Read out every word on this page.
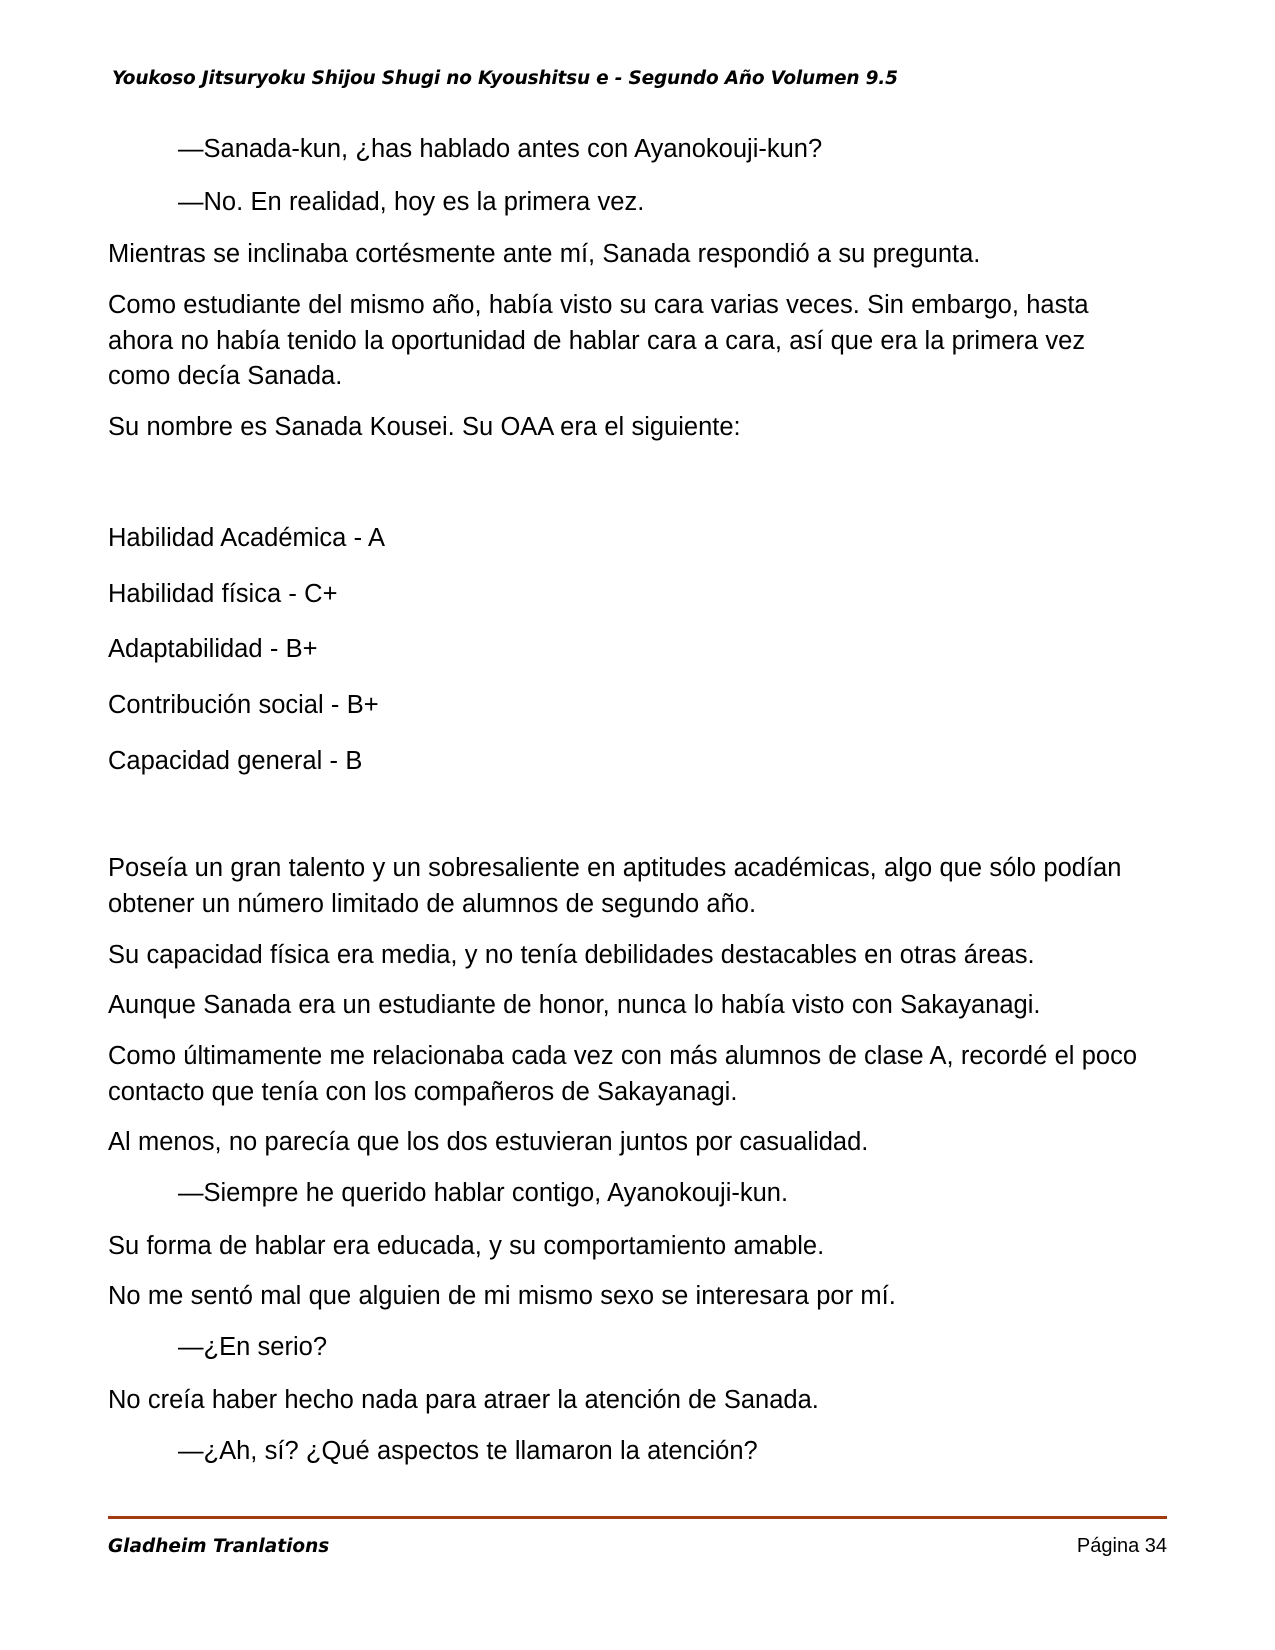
Youkoso Jitsuryoku Shijou Shugi no Kyoushitsu e - Segundo Año Volumen 9.5

—Sanada-kun, ¿has hablado antes con Ayanokouji-kun?

—No. En realidad, hoy es la primera vez.

Mientras se inclinaba cortésmente ante mí, Sanada respondió a su pregunta.

Como estudiante del mismo año, había visto su cara varias veces. Sin embargo, hasta ahora no había tenido la oportunidad de hablar cara a cara, así que era la primera vez como decía Sanada.

Su nombre es Sanada Kousei. Su OAA era el siguiente:

Habilidad Académica - A

Habilidad física - C+

Adaptabilidad - B+

Contribución social - B+

Capacidad general - B

Poseía un gran talento y un sobresaliente en aptitudes académicas, algo que sólo podían obtener un número limitado de alumnos de segundo año.

Su capacidad física era media, y no tenía debilidades destacables en otras áreas.

Aunque Sanada era un estudiante de honor, nunca lo había visto con Sakayanagi.

Como últimamente me relacionaba cada vez con más alumnos de clase A, recordé el poco contacto que tenía con los compañeros de Sakayanagi.

Al menos, no parecía que los dos estuvieran juntos por casualidad.

—Siempre he querido hablar contigo, Ayanokouji-kun.

Su forma de hablar era educada, y su comportamiento amable.

No me sentó mal que alguien de mi mismo sexo se interesara por mí.

—¿En serio?

No creía haber hecho nada para atraer la atención de Sanada.

—¿Ah, sí? ¿Qué aspectos te llamaron la atención?

Gladheim Tranlations	Página 34
